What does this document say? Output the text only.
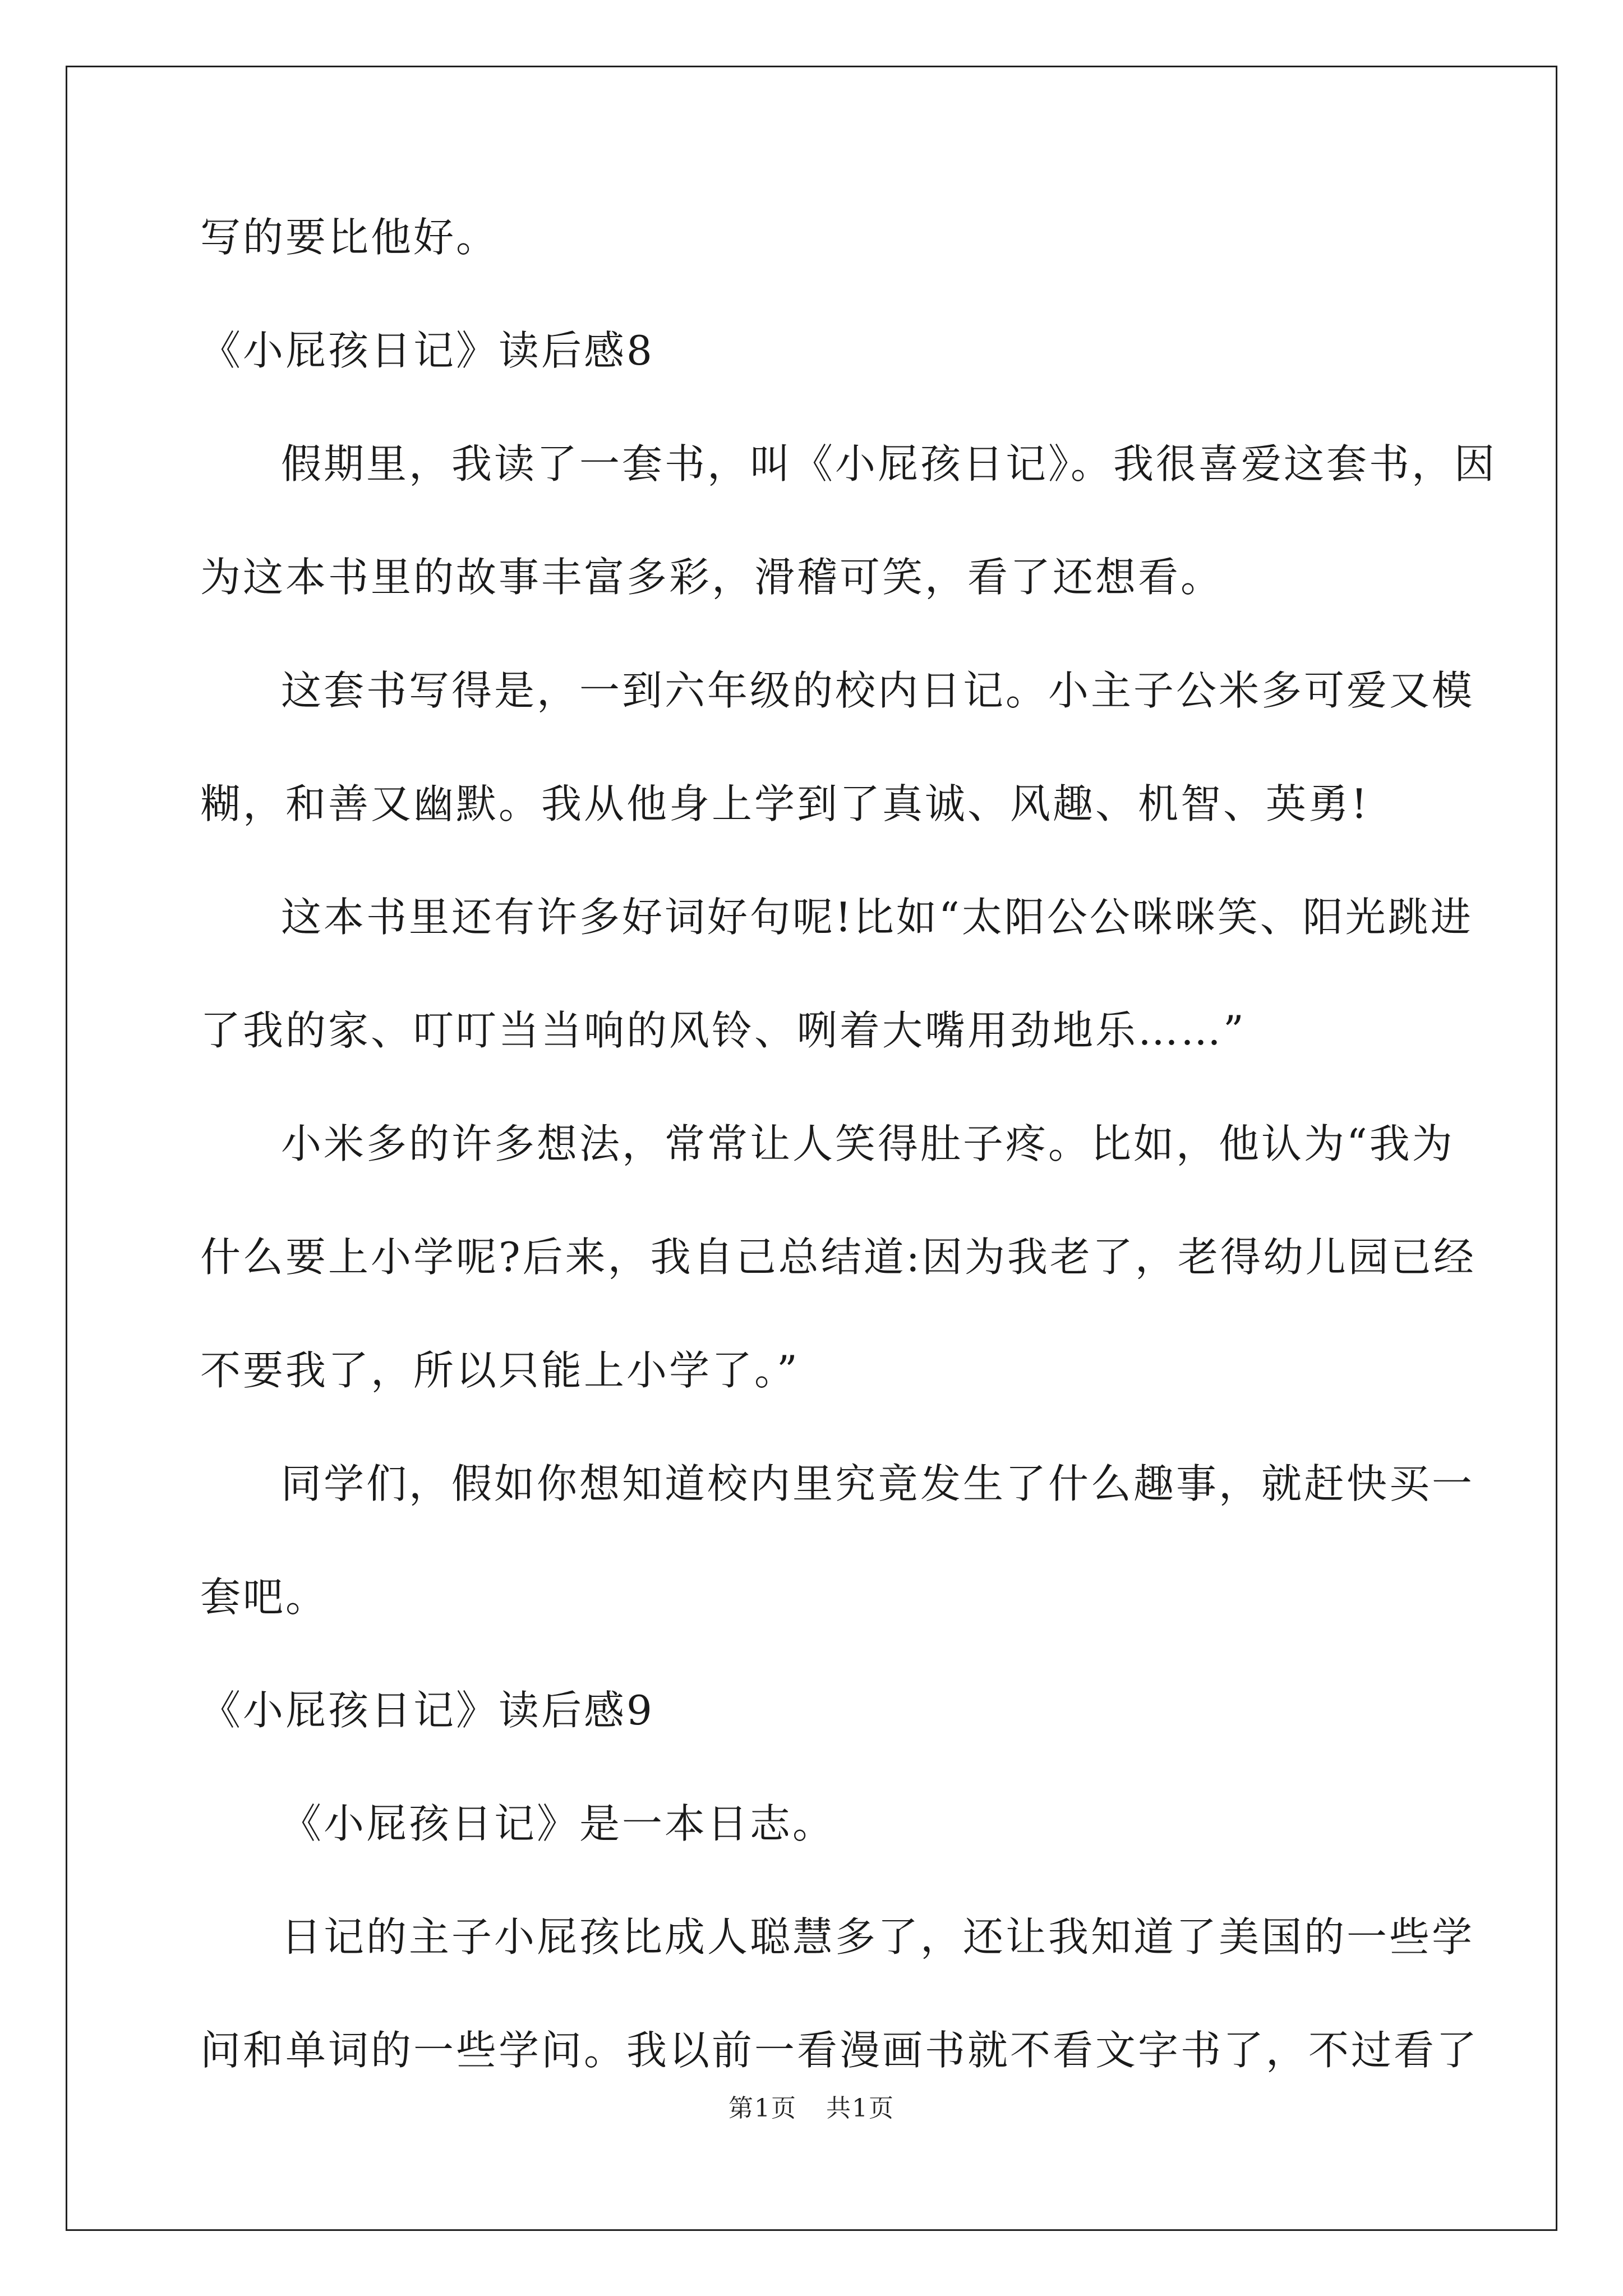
写的要比他好。
《小屁孩日记》读后感8
假期里，我读了一套书，叫《小屁孩日记》。我很喜爱这套书，因
为这本书里的故事丰富多彩，滑稽可笑，看了还想看。
这套书写得是，一到六年级的校内日记。小主子公米多可爱又模
糊，和善又幽默。我从他身上学到了真诚、风趣、机智、英勇!
这本书里还有许多好词好句呢!比如“太阳公公咪咪笑、阳光跳进
了我的家、叮叮当当响的风铃、咧着大嘴用劲地乐……”
小米多的许多想法，常常让人笑得肚子疼。比如，他认为“我为
什么要上小学呢?后来，我自己总结道:因为我老了，老得幼儿园已经
不要我了，所以只能上小学了。”
同学们，假如你想知道校内里究竟发生了什么趣事，就赶快买一
套吧。
《小屁孩日记》读后感9
《小屁孩日记》是一本日志。
日记的主子小屁孩比成人聪慧多了，还让我知道了美国的一些学
问和单词的一些学问。我以前一看漫画书就不看文字书了，不过看了
第1页 共1页
